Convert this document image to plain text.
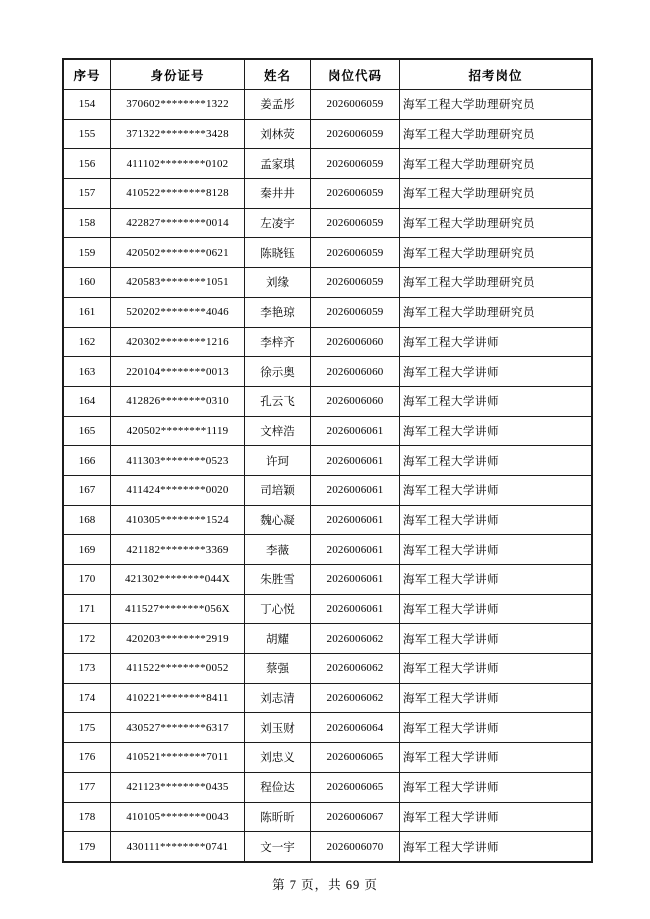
序号	身份证号	姓名	岗位代码	招考岗位
154	370602********1322	姜孟彤	2026006059	海军工程大学助理研究员
155	371322********3428	刘林荧	2026006059	海军工程大学助理研究员
156	411102********0102	孟家琪	2026006059	海军工程大学助理研究员
157	410522********8128	秦井井	2026006059	海军工程大学助理研究员
158	422827********0014	左凌宇	2026006059	海军工程大学助理研究员
159	420502********0621	陈晓钰	2026006059	海军工程大学助理研究员
160	420583********1051	刘缘	2026006059	海军工程大学助理研究员
161	520202********4046	李艳琼	2026006059	海军工程大学助理研究员
162	420302********1216	李梓齐	2026006060	海军工程大学讲师
163	220104********0013	徐示奥	2026006060	海军工程大学讲师
164	412826********0310	孔云飞	2026006060	海军工程大学讲师
165	420502********1119	文梓浩	2026006061	海军工程大学讲师
166	411303********0523	许珂	2026006061	海军工程大学讲师
167	411424********0020	司培颖	2026006061	海军工程大学讲师
168	410305********1524	魏心凝	2026006061	海军工程大学讲师
169	421182********3369	李薇	2026006061	海军工程大学讲师
170	421302********044X	朱胜雪	2026006061	海军工程大学讲师
171	411527********056X	丁心悦	2026006061	海军工程大学讲师
172	420203********2919	胡耀	2026006062	海军工程大学讲师
173	411522********0052	蔡强	2026006062	海军工程大学讲师
174	410221********8411	刘志清	2026006062	海军工程大学讲师
175	430527********6317	刘玉财	2026006064	海军工程大学讲师
176	410521********7011	刘忠义	2026006065	海军工程大学讲师
177	421123********0435	程俭达	2026006065	海军工程大学讲师
178	410105********0043	陈昕昕	2026006067	海军工程大学讲师
179	430111********0741	文一宇	2026006070	海军工程大学讲师
第 7 页，共 69 页
